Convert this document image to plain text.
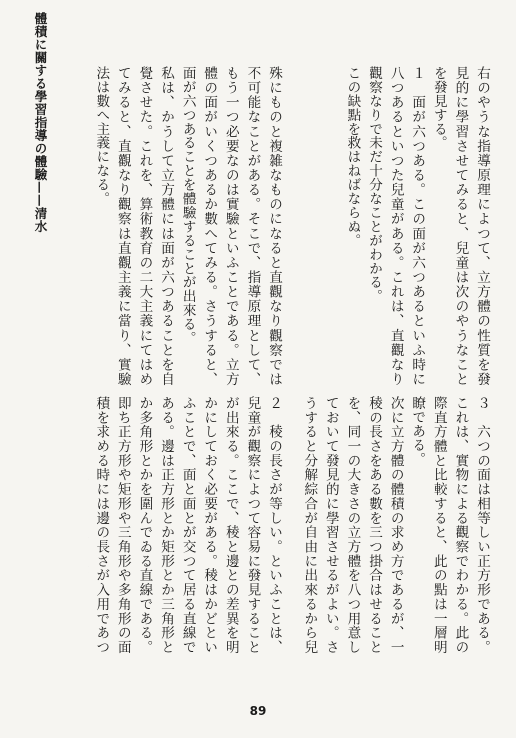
體積に關する學習指導の體驗——清水	右のやうな指導原理によつて、立方體の性質を發見的に學習させてみると、兒童は次のやうなことを發見する。
１　面が六つある。この面が六つあるといふ時に八つあるといつた兒童がある。これは、直觀なり觀察なりで未だ十分なことがわかる。
この缺點を救はねばならぬ。
殊にものと複雑なものになると直觀なり觀察では不可能なことがある。そこで、指導原理として、もう一つ必要なのは實驗といふことである。立方體の面がいくつあるか數へてみる。さうすると、面が六つあることを體驗することが出來る。
私は、かうして立方體には面が六つあることを自覺させた。これを、算術教育の二大主義にてはめてみると、直觀なり觀察は直觀主義に當り、實驗法は數へ主義になる。
３　六つの面は相等しい正方形である。これは、實物による觀察でわかる。此の際直方體と比較すると、此の點は一層明瞭である。
次に立方體の體積の求め方であるが、一稜の長さをある數を三つ掛合はせることを、同一の大きさの立方體を八つ用意しておいて發見的に學習させるがよい。さうすると分解綜合が自由に出來るから兒
２　稜の長さが等しい。といふことは、兒童が觀察によつて容易に發見することが出來る。ここで、稜と邊との差異を明かにしておく必要がある。稜はかどといふことで、面と面とが交つて居る直線である。邊は正方形とか矩形とか三角形とか多角形とかを圍んでゐる直線である。即ち正方形や矩形や三角形や多角形の面積を求める時には邊の長さが入用であつ
89
